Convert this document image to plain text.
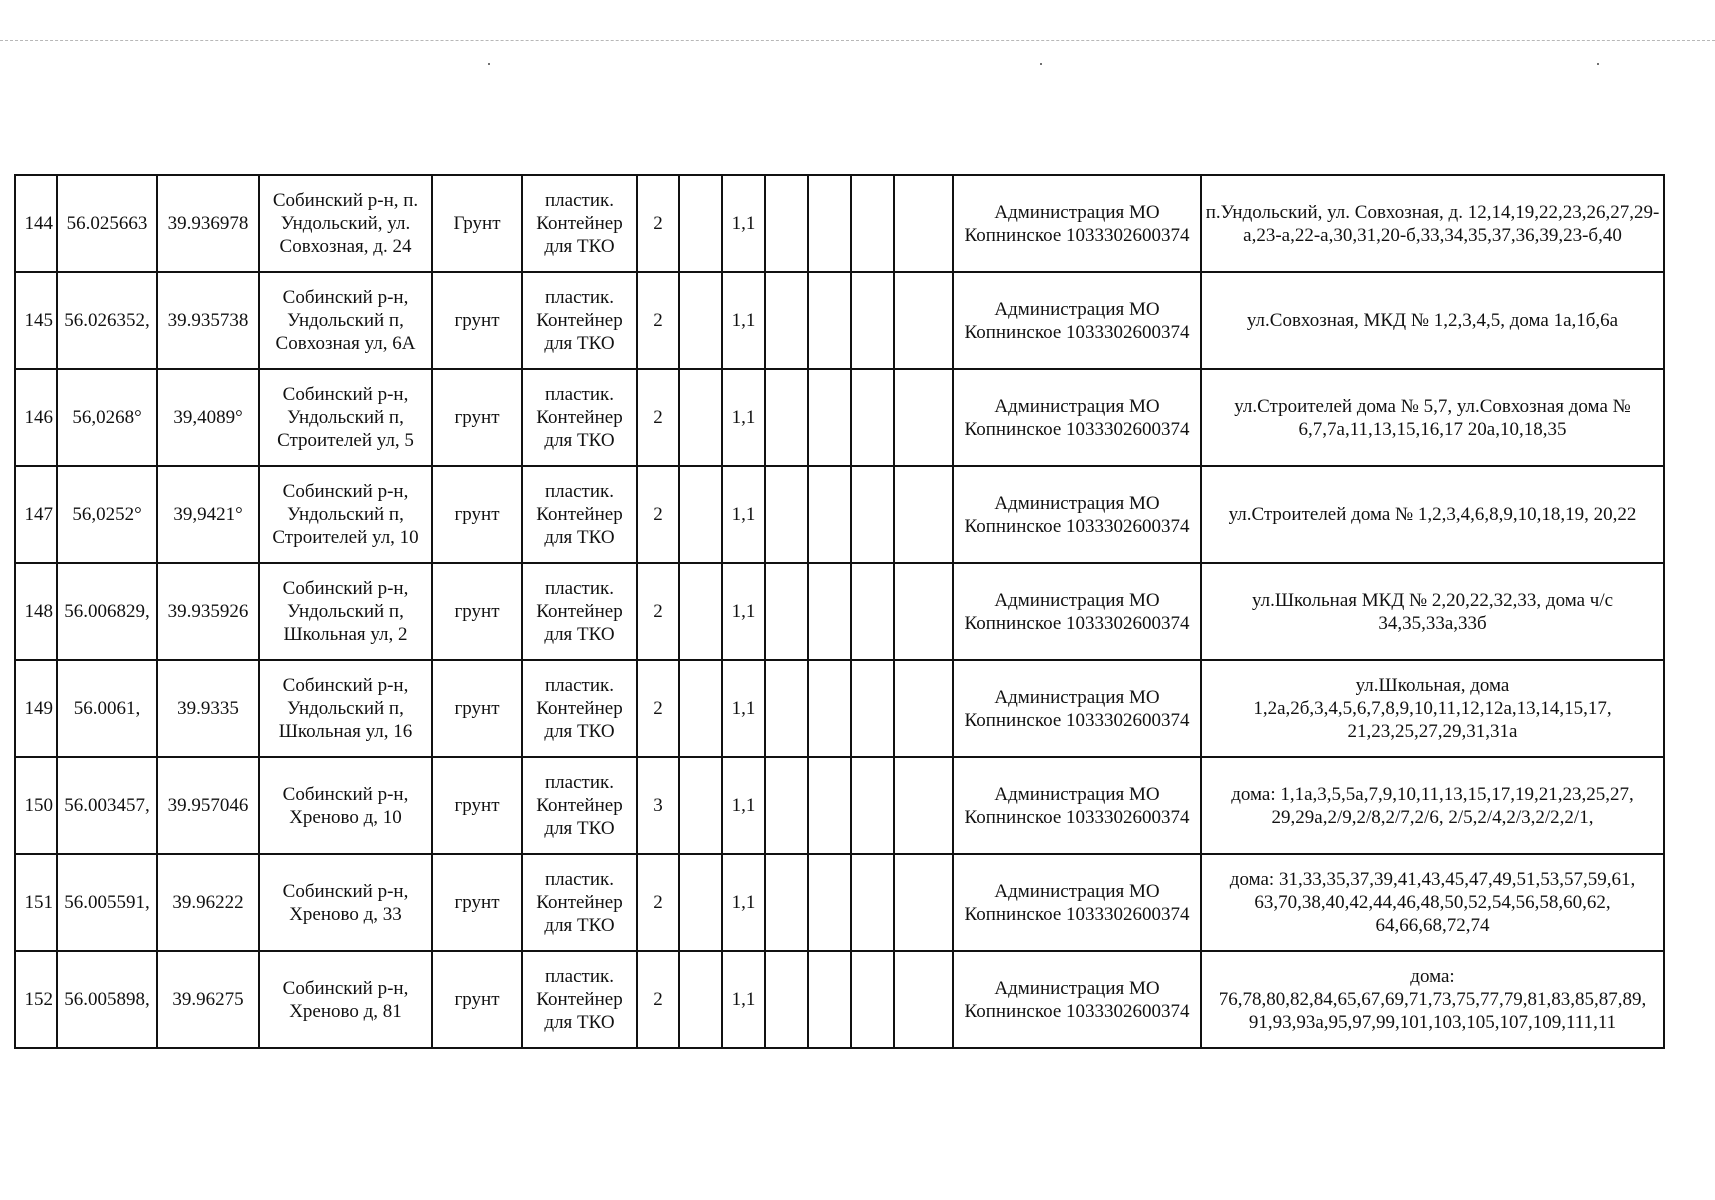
144	56.025663	39.936978	Собинский р-н, п. Ундольский, ул. Совхозная, д. 24	Грунт	пластик. Контейнер для ТКО	2		1,1					Администрация МО Копнинское 1033302600374	п.Ундольский, ул. Совхозная, д. 12,14,19,22,23,26,27,29-а,23-а,22-а,30,31,20-б,33,34,35,37,36,39,23-б,40
145	56.026352,	39.935738	Собинский р-н, Ундольский п, Совхозная ул, 6А	грунт	пластик. Контейнер для ТКО	2		1,1					Администрация МО Копнинское 1033302600374	ул.Совхозная, МКД № 1,2,3,4,5, дома 1а,1б,6а
146	56,0268°	39,4089°	Собинский р-н, Ундольский п, Строителей ул, 5	грунт	пластик. Контейнер для ТКО	2		1,1					Администрация МО Копнинское 1033302600374	ул.Строителей дома № 5,7, ул.Совхозная дома № 6,7,7а,11,13,15,16,17 20а,10,18,35
147	56,0252°	39,9421°	Собинский р-н, Ундольский п, Строителей ул, 10	грунт	пластик. Контейнер для ТКО	2		1,1					Администрация МО Копнинское 1033302600374	ул.Строителей дома № 1,2,3,4,6,8,9,10,18,19, 20,22
148	56.006829,	39.935926	Собинский р-н, Ундольский п, Школьная ул, 2	грунт	пластик. Контейнер для ТКО	2		1,1					Администрация МО Копнинское 1033302600374	ул.Школьная МКД № 2,20,22,32,33, дома ч/с 34,35,33а,33б
149	56.0061,	39.9335	Собинский р-н, Ундольский п, Школьная ул, 16	грунт	пластик. Контейнер для ТКО	2		1,1					Администрация МО Копнинское 1033302600374	ул.Школьная, дома 1,2а,2б,3,4,5,6,7,8,9,10,11,12,12а,13,14,15,17, 21,23,25,27,29,31,31а
150	56.003457,	39.957046	Собинский р-н, Хреново д, 10	грунт	пластик. Контейнер для ТКО	3		1,1					Администрация МО Копнинское 1033302600374	дома: 1,1а,3,5,5а,7,9,10,11,13,15,17,19,21,23,25,27, 29,29а,2/9,2/8,2/7,2/6, 2/5,2/4,2/3,2/2,2/1,
151	56.005591,	39.96222	Собинский р-н, Хреново д, 33	грунт	пластик. Контейнер для ТКО	2		1,1					Администрация МО Копнинское 1033302600374	дома: 31,33,35,37,39,41,43,45,47,49,51,53,57,59,61, 63,70,38,40,42,44,46,48,50,52,54,56,58,60,62, 64,66,68,72,74
152	56.005898,	39.96275	Собинский р-н, Хреново д, 81	грунт	пластик. Контейнер для ТКО	2		1,1					Администрация МО Копнинское 1033302600374	дома: 76,78,80,82,84,65,67,69,71,73,75,77,79,81,83,85,87,89, 91,93,93а,95,97,99,101,103,105,107,109,111,11
